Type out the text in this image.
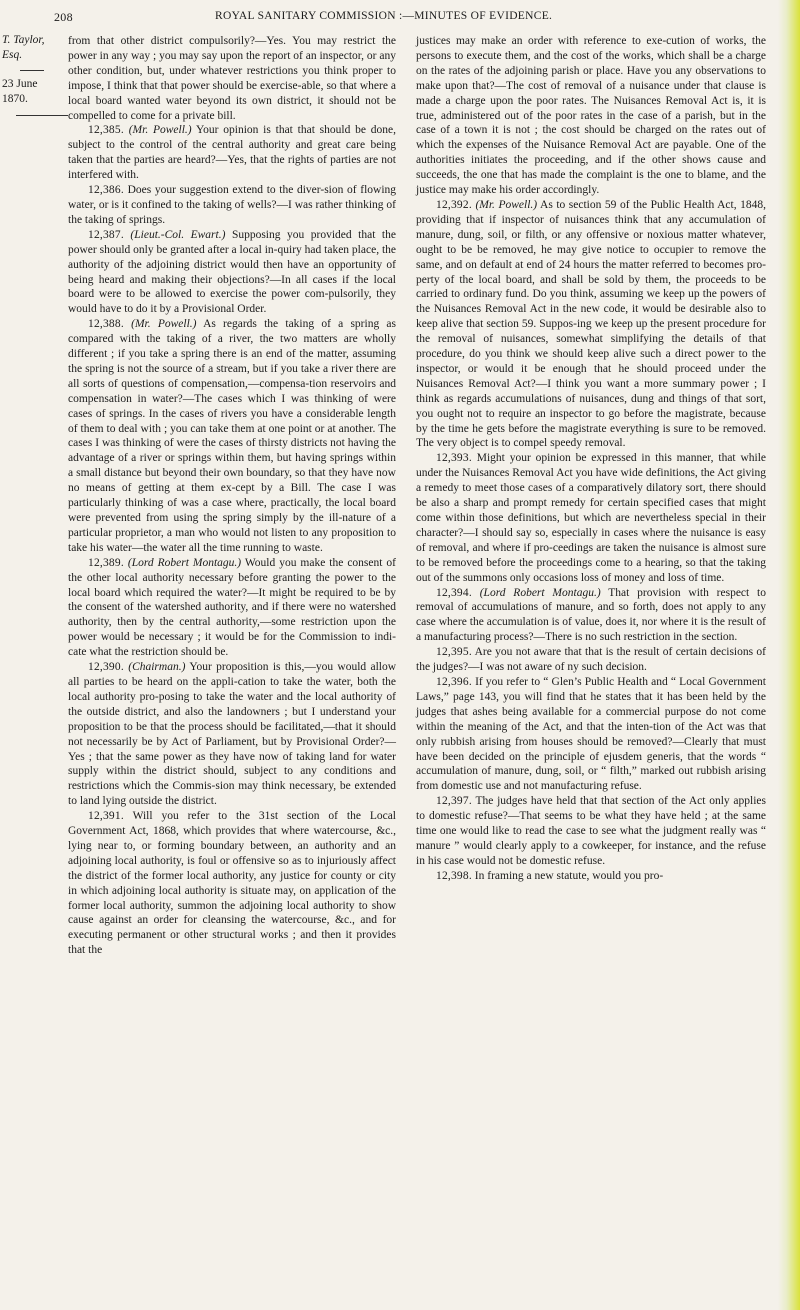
208	ROYAL SANITARY COMMISSION :—MINUTES OF EVIDENCE.
T. Taylor, Esq.
23 June 1870.

from that other district compulsorily?—Yes. You may restrict the power in any way ; you may say upon the report of an inspector, or any other condition, but, under whatever restrictions you think proper to impose, I think that that power should be exercise-able, so that where a local board wanted water beyond its own district, it should not be compelled to come for a private bill.

12,385. (Mr. Powell.) Your opinion is that that should be done, subject to the control of the central authority and great care being taken that the parties are heard?—Yes, that the rights of parties are not interfered with.

12,386. Does your suggestion extend to the diver-sion of flowing water, or is it confined to the taking of wells?—I was rather thinking of the taking of springs.

12,387. (Lieut.-Col. Ewart.) Supposing you provided that the power should only be granted after a local in-quiry had taken place, the authority of the adjoining district would then have an opportunity of being heard and making their objections?—In all cases if the local board were to be allowed to exercise the power com-pulsorily, they would have to do it by a Provisional Order.

12,388. (Mr. Powell.) As regards the taking of a spring as compared with the taking of a river, the two matters are wholly different ; if you take a spring there is an end of the matter, assuming the spring is not the source of a stream, but if you take a river there are all sorts of questions of compensation,—compensa-tion reservoirs and compensation in water?—The cases which I was thinking of were cases of springs. In the cases of rivers you have a considerable length of them to deal with ; you can take them at one point or at another. The cases I was thinking of were the cases of thirsty districts not having the advantage of a river or springs within them, but having springs within a small distance but beyond their own boundary, so that they have now no means of getting at them ex-cept by a Bill. The case I was particularly thinking of was a case where, practically, the local board were prevented from using the spring simply by the ill-nature of a particular proprietor, a man who would not listen to any proposition to take his water—the water all the time running to waste.

12,389. (Lord Robert Montagu.) Would you make the consent of the other local authority necessary before granting the power to the local board which required the water?—It might be required to be by the consent of the watershed authority, and if there were no watershed authority, then by the central authority,—some restriction upon the power would be necessary ; it would be for the Commission to indi-cate what the restriction should be.

12,390. (Chairman.) Your proposition is this,—you would allow all parties to be heard on the appli-cation to take the water, both the local authority pro-posing to take the water and the local authority of the outside district, and also the landowners ; but I understand your proposition to be that the process should be facilitated,—that it should not necessarily be by Act of Parliament, but by Provisional Order?—Yes ; that the same power as they have now of taking land for water supply within the district should, subject to any conditions and restrictions which the Commis-sion may think necessary, be extended to land lying outside the district.

12,391. Will you refer to the 31st section of the Local Government Act, 1868, which provides that where watercourse, &c., lying near to, or forming boundary between, an authority and an adjoining local authority, is foul or offensive so as to injuriously affect the district of the former local authority, any justice for county or city in which adjoining local authority is situate may, on application of the former local authority, summon the adjoining local authority to show cause against an order for cleansing the watercourse, &c., and for executing permanent or other structural works ; and then it provides that the

justices may make an order with reference to exe-cution of works, the persons to execute them, and the cost of the works, which shall be a charge on the rates of the adjoining parish or place. Have you any observations to make upon that?—The cost of removal of a nuisance under that clause is made a charge upon the poor rates. The Nuisances Removal Act is, it is true, administered out of the poor rates in the case of a parish, but in the case of a town it is not ; the cost should be charged on the rates out of which the expenses of the Nuisance Removal Act are payable. One of the authorities initiates the proceeding, and if the other shows cause and succeeds, the one that has made the complaint is the one to blame, and the justice may make his order accordingly.

12,392. (Mr. Powell.) As to section 59 of the Public Health Act, 1848, providing that if inspector of nuisances think that any accumulation of manure, dung, soil, or filth, or any offensive or noxious matter whatever, ought to be be removed, he may give notice to occupier to remove the same, and on default at end of 24 hours the matter referred to becomes pro-perty of the local board, and shall be sold by them, the proceeds to be carried to ordinary fund. Do you think, assuming we keep up the powers of the Nuisances Removal Act in the new code, it would be desirable also to keep alive that section 59. Suppos-ing we keep up the present procedure for the removal of nuisances, somewhat simplifying the details of that procedure, do you think we should keep alive such a direct power to the inspector, or would it be enough that he should proceed under the Nuisances Removal Act?—I think you want a more summary power ; I think as regards accumulations of nuisances, dung and things of that sort, you ought not to require an inspector to go before the magistrate, because by the time he gets before the magistrate everything is sure to be removed. The very object is to compel speedy removal.

12,393. Might your opinion be expressed in this manner, that while under the Nuisances Removal Act you have wide definitions, the Act giving a remedy to meet those cases of a comparatively dilatory sort, there should be also a sharp and prompt remedy for certain specified cases that might come within those definitions, but which are nevertheless special in their character?—I should say so, especially in cases where the nuisance is easy of removal, and where if pro-ceedings are taken the nuisance is almost sure to be removed before the proceedings come to a hearing, so that the taking out of the summons only occasions loss of money and loss of time.

12,394. (Lord Robert Montagu.) That provision with respect to removal of accumulations of manure, and so forth, does not apply to any case where the accumulation is of value, does it, nor where it is the result of a manufacturing process?—There is no such restriction in the section.

12,395. Are you not aware that that is the result of certain decisions of the judges?—I was not aware of ny such decision.

12,396. If you refer to “ Glen’s Public Health and “ Local Government Laws,” page 143, you will find that he states that it has been held by the judges that ashes being available for a commercial purpose do not come within the meaning of the Act, and that the inten-tion of the Act was that only rubbish arising from houses should be removed?—Clearly that must have been decided on the principle of ejusdem generis, that the words “ accumulation of manure, dung, soil, or “ filth,” marked out rubbish arising from domestic use and not manufacturing refuse.

12,397. The judges have held that that section of the Act only applies to domestic refuse?—That seems to be what they have held ; at the same time one would like to read the case to see what the judgment really was “ manure ” would clearly apply to a cowkeeper, for instance, and the refuse in his case would not be domestic refuse.

12,398. In framing a new statute, would you pro-
